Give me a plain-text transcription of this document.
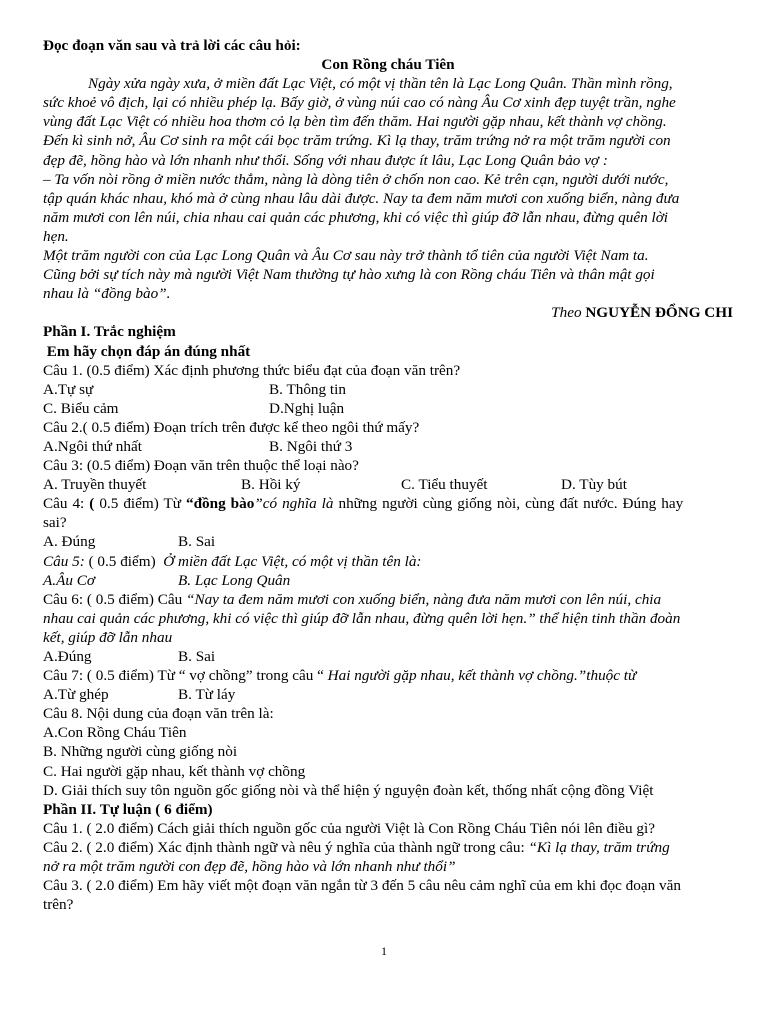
Đọc đoạn văn sau và trả lời các câu hỏi:
Con Rồng cháu Tiên
Ngày xửa ngày xưa, ở miền đất Lạc Việt, có một vị thần tên là Lạc Long Quân. Thần mình rồng,
sức khoẻ vô địch, lại có nhiều phép lạ. Bấy giờ, ở vùng núi cao có nàng Âu Cơ xinh đẹp tuyệt trần, nghe
vùng đất Lạc Việt có nhiều hoa thơm cỏ lạ bèn tìm đến thăm. Hai người gặp nhau, kết thành vợ chồng.
Đến kì sinh nở, Âu Cơ sinh ra một cái bọc trăm trứng. Kì lạ thay, trăm trứng nở ra một trăm người con
đẹp đẽ, hồng hào và lớn nhanh như thổi. Sống với nhau được ít lâu, Lạc Long Quân bảo vợ :
– Ta vốn nòi rồng ở miền nước thẳm, nàng là dòng tiên ở chốn non cao. Kẻ trên cạn, người dưới nước,
tập quán khác nhau, khó mà ở cùng nhau lâu dài được. Nay ta đem năm mươi con xuống biển, nàng đưa
năm mươi con lên núi, chia nhau cai quản các phương, khi có việc thì giúp đỡ lẫn nhau, đừng quên lời
hẹn.
Một trăm người con của Lạc Long Quân và Âu Cơ sau này trở thành tổ tiên của người Việt Nam ta.
Cũng bởi sự tích này mà người Việt Nam thường tự hào xưng là con Rồng cháu Tiên và thân mật gọi
nhau là “đồng bào”.
Theo NGUYỄN ĐỔNG CHI
Phần I. Trắc nghiệm
Em hãy chọn đáp án đúng nhất
Câu 1. (0.5 điểm) Xác định phương thức biểu đạt của đoạn văn trên?
A.Tự sự	B. Thông tin
C. Biểu cảm	D.Nghị luận
Câu 2.( 0.5 điểm) Đoạn trích trên được kể theo ngôi thứ mấy?
A.Ngôi thứ nhất	B. Ngôi thứ 3
Câu 3: (0.5 điểm) Đoạn văn trên thuộc thể loại nào?
A. Truyền thuyết	B. Hồi ký	C. Tiểu thuyết	D. Tùy bút
Câu 4: ( 0.5 điểm) Từ “đồng bào”có nghĩa là những người cùng giống nòi, cùng đất nước. Đúng hay
sai?
A. Đúng	B. Sai
Câu 5: ( 0.5 điểm)  Ở miền đất Lạc Việt, có một vị thần tên là:
A.Âu Cơ	B. Lạc Long Quân
Câu 6: ( 0.5 điểm) Câu “Nay ta đem năm mươi con xuống biển, nàng đưa năm mươi con lên núi, chia
nhau cai quản các phương, khi có việc thì giúp đỡ lẫn nhau, đừng quên lời hẹn.” thể hiện tinh thần đoàn
kết, giúp đỡ lẫn nhau
A.Đúng	B. Sai
Câu 7: ( 0.5 điểm) Từ “ vợ chồng” trong câu “ Hai người gặp nhau, kết thành vợ chồng.”thuộc từ
A.Từ ghép	B. Từ láy
Câu 8. Nội dung của đoạn văn trên là:
A.Con Rồng Cháu Tiên
B. Những người cùng giống nòi
C. Hai người gặp nhau, kết thành vợ chồng
D. Giải thích suy tôn nguồn gốc giống nòi và thể hiện ý nguyện đoàn kết, thống nhất cộng đồng Việt
Phần II. Tự luận ( 6 điểm)
Câu 1. ( 2.0 điểm) Cách giải thích nguồn gốc của người Việt là Con Rồng Cháu Tiên nói lên điều gì?
Câu 2. ( 2.0 điểm) Xác định thành ngữ và nêu ý nghĩa của thành ngữ trong câu: “Kì lạ thay, trăm trứng
nở ra một trăm người con đẹp đẽ, hồng hào và lớn nhanh như thổi”
Câu 3. ( 2.0 điểm) Em hãy viết một đoạn văn ngắn từ 3 đến 5 câu nêu cảm nghĩ của em khi đọc đoạn văn
trên?
1
